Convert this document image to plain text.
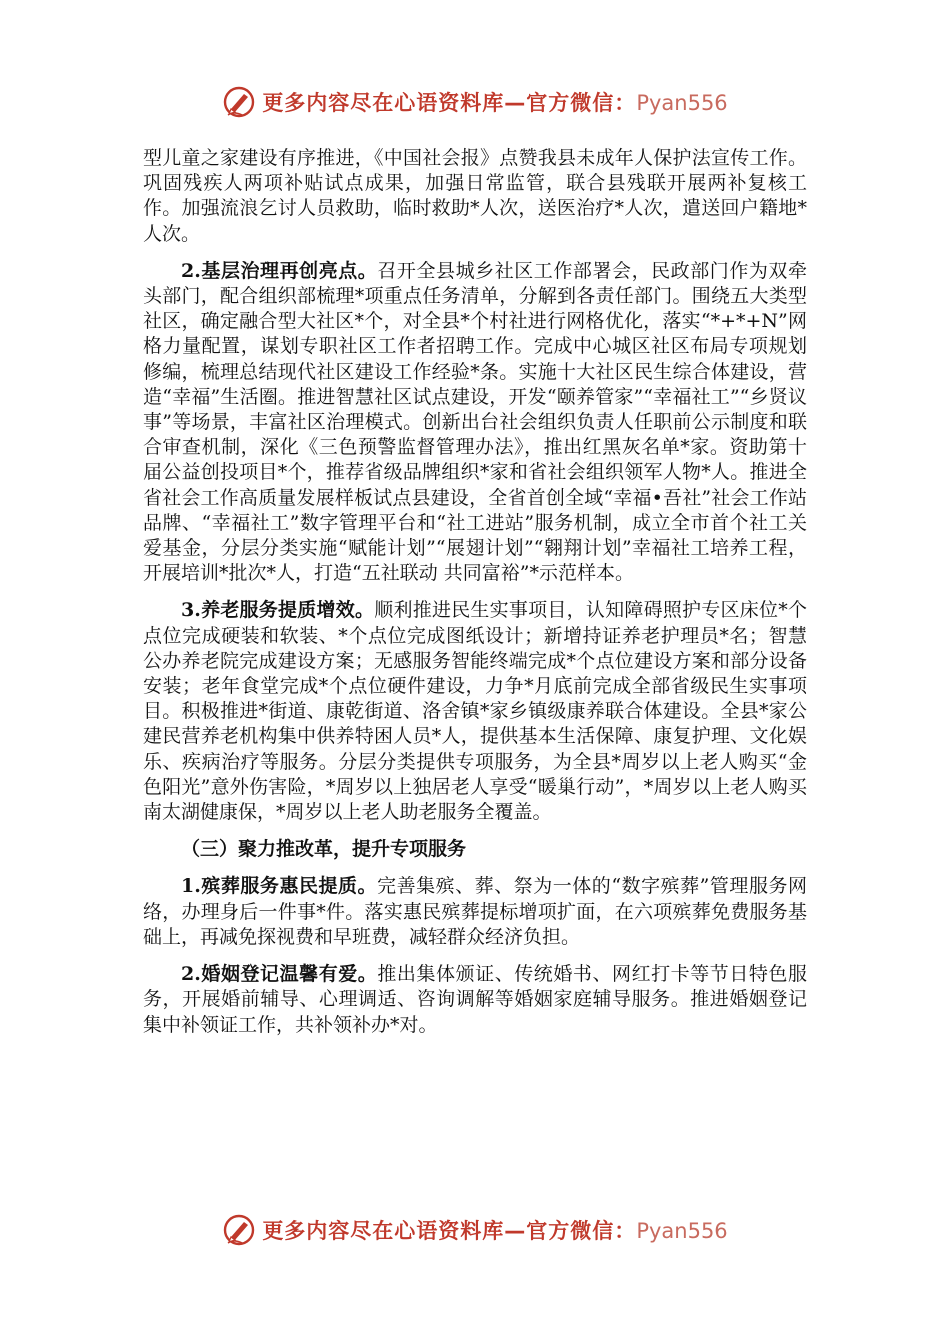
更多内容尽在心语资料库—官方微信：Pyan556

型儿童之家建设有序推进，《中国社会报》点赞我县未成年人保护法宣传工作。巩固残疾人两项补贴试点成果，加强日常监管，联合县残联开展两补复核工作。加强流浪乞讨人员救助，临时救助*人次，送医治疗*人次，遣送回户籍地*人次。

2.基层治理再创亮点。召开全县城乡社区工作部署会，民政部门作为双牵头部门，配合组织部梳理*项重点任务清单，分解到各责任部门。围绕五大类型社区，确定融合型大社区*个，对全县*个村社进行网格优化，落实“*+*+N”网格力量配置，谋划专职社区工作者招聘工作。完成中心城区社区布局专项规划修编，梳理总结现代社区建设工作经验*条。实施十大社区民生综合体建设，营造“幸福”生活圈。推进智慧社区试点建设，开发“颐养管家”“幸福社工”“乡贤议事”等场景，丰富社区治理模式。创新出台社会组织负责人任职前公示制度和联合审查机制，深化《三色预警监督管理办法》，推出红黑灰名单*家。资助第十届公益创投项目*个，推荐省级品牌组织*家和省社会组织领军人物*人。推进全省社会工作高质量发展样板试点县建设，全省首创全域“幸福•吾社”社会工作站品牌、“幸福社工”数字管理平台和“社工进站”服务机制，成立全市首个社工关爱基金，分层分类实施“赋能计划”“展翅计划”“翱翔计划”幸福社工培养工程，开展培训*批次*人，打造“五社联动 共同富裕”*示范样本。

3.养老服务提质增效。顺利推进民生实事项目，认知障碍照护专区床位*个点位完成硬装和软装、*个点位完成图纸设计；新增持证养老护理员*名；智慧公办养老院完成建设方案；无感服务智能终端完成*个点位建设方案和部分设备安装；老年食堂完成*个点位硬件建设，力争*月底前完成全部省级民生实事项目。积极推进*街道、康乾街道、洛舍镇*家乡镇级康养联合体建设。全县*家公建民营养老机构集中供养特困人员*人，提供基本生活保障、康复护理、文化娱乐、疾病治疗等服务。分层分类提供专项服务，为全县*周岁以上老人购买“金色阳光”意外伤害险，*周岁以上独居老人享受“暖巢行动”，*周岁以上老人购买南太湖健康保，*周岁以上老人助老服务全覆盖。

（三）聚力推改革，提升专项服务

1.殡葬服务惠民提质。完善集殡、葬、祭为一体的“数字殡葬”管理服务网络，办理身后一件事*件。落实惠民殡葬提标增项扩面，在六项殡葬免费服务基础上，再减免探视费和早班费，减轻群众经济负担。

2.婚姻登记温馨有爱。推出集体颁证、传统婚书、网红打卡等节日特色服务，开展婚前辅导、心理调适、咨询调解等婚姻家庭辅导服务。推进婚姻登记集中补领证工作，共补领补办*对。

更多内容尽在心语资料库—官方微信：Pyan556
